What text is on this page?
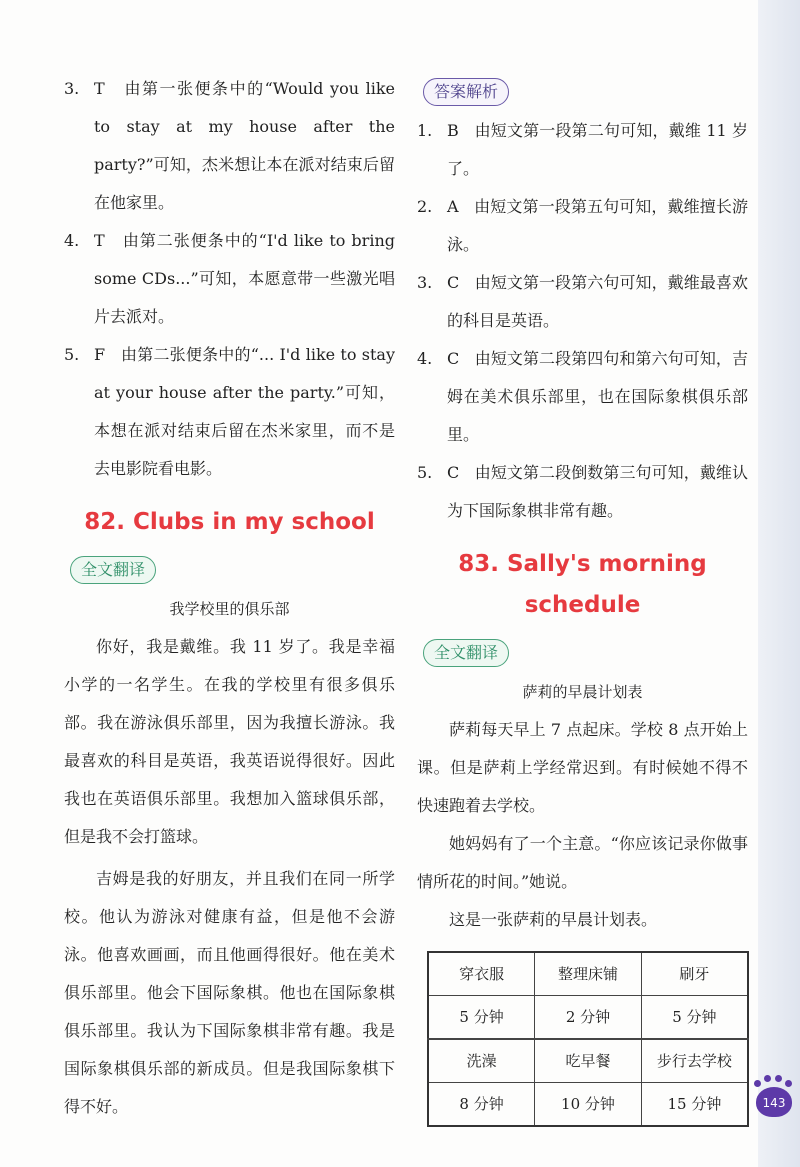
3. T 由第一张便条中的“Would you like to stay at my house after the party?”可知，杰米想让本在派对结束后留在他家里。

4. T 由第二张便条中的“I'd like to bring some CDs...”可知，本愿意带一些激光唱片去派对。

5. F 由第二张便条中的“... I'd like to stay at your house after the party.”可知，本想在派对结束后留在杰米家里，而不是去电影院看电影。

82. Clubs in my school
全文翻译

我学校里的俱乐部

你好，我是戴维。我 11 岁了。我是幸福小学的一名学生。在我的学校里有很多俱乐部。我在游泳俱乐部里，因为我擅长游泳。我最喜欢的科目是英语，我英语说得很好。因此我也在英语俱乐部里。我想加入篮球俱乐部，但是我不会打篮球。

吉姆是我的好朋友，并且我们在同一所学校。他认为游泳对健康有益，但是他不会游泳。他喜欢画画，而且他画得很好。他在美术俱乐部里。他会下国际象棋。他也在国际象棋俱乐部里。我认为下国际象棋非常有趣。我是国际象棋俱乐部的新成员。但是我国际象棋下得不好。

答案解析

1. B 由短文第一段第二句可知，戴维 11 岁了。

2. A 由短文第一段第五句可知，戴维擅长游泳。

3. C 由短文第一段第六句可知，戴维最喜欢的科目是英语。

4. C 由短文第二段第四句和第六句可知，吉姆在美术俱乐部里，也在国际象棋俱乐部里。

5. C 由短文第二段倒数第三句可知，戴维认为下国际象棋非常有趣。

83. Sally's morning
schedule
全文翻译

萨莉的早晨计划表

萨莉每天早上 7 点起床。学校 8 点开始上课。但是萨莉上学经常迟到。有时候她不得不快速跑着去学校。

她妈妈有了一个主意。“你应该记录你做事情所花的时间。”她说。

这是一张萨莉的早晨计划表。

穿衣服	整理床铺	刷牙
5 分钟	2 分钟	5 分钟
洗澡	吃早餐	步行去学校
8 分钟	10 分钟	15 分钟	143
